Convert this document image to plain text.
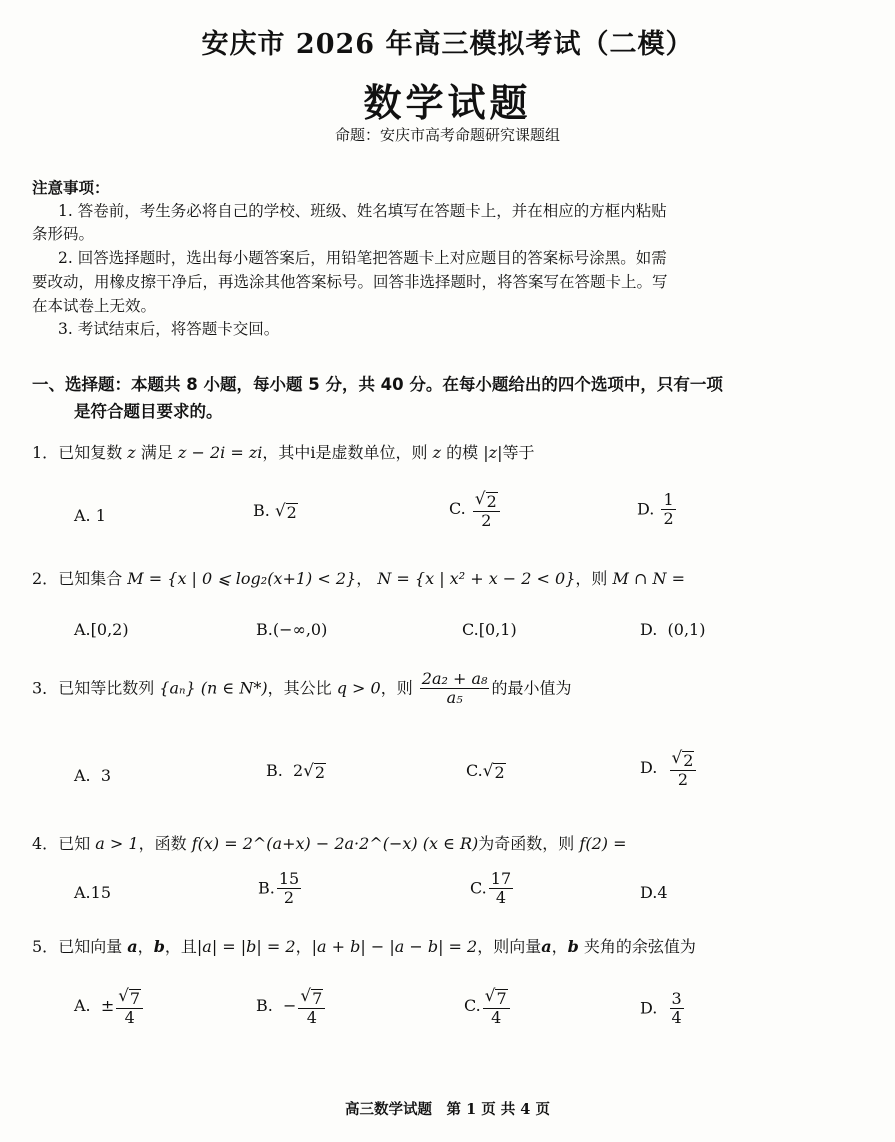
安庆市 2026 年高三模拟考试（二模）
数学试题
命题：安庆市高考命题研究课题组
注意事项：
1. 答卷前，考生务必将自己的学校、班级、姓名填写在答题卡上，并在相应的方框内粘贴
条形码。
2. 回答选择题时，选出每小题答案后，用铅笔把答题卡上对应题目的答案标号涂黑。如需
要改动，用橡皮擦干净后，再选涂其他答案标号。回答非选择题时，将答案写在答题卡上。写
在本试卷上无效。
3. 考试结束后，将答题卡交回。
一、选择题：本题共 8 小题，每小题 5 分，共 40 分。在每小题给出的四个选项中，只有一项
是符合题目要求的。
1．已知复数 z 满足 z − 2i = zi，其中i是虚数单位，则 z 的模 |z|等于
A. 1	B. √ 2	C. $\frac{√ 2}{2}$	D. $\frac{1}{2}$
2．已知集合 M = {x | 0 ⩽ log₂(x+1) < 2}， N = {x | x² + x − 2 < 0}，则 M ∩ N =
A.[0,2)	B.(−∞,0)	C.[0,1)	D. (0,1)
3．已知等比数列 {aₙ} (n ∈ N*)，其公比 q > 0，则 $\frac{\text{2a₂ + a₈}}{\text{a₅}}$ 的最小值为
A. 3	B. 2 √ 2	C. √ 2	D. $\frac{√ 2}{2}$
4．已知 a > 1，函数 f(x) = 2^(a+x) − 2a·2^(−x) (x ∈ R)为奇函数，则 f(2) =
A.15	B. $\frac{15}{2}$	C. $\frac{17}{4}$	D.4
5．已知向量 a，b，且|a| = |b| = 2，|a + b| − |a − b| = 2，则向量a，b 夹角的余弦值为
A. ± $\frac{√ 7}{4}$	B. − $\frac{√ 7}{4}$	C. $\frac{√ 7}{4}$	D. $\frac{3}{4}$
高三数学试题　第 1 页 共 4 页
